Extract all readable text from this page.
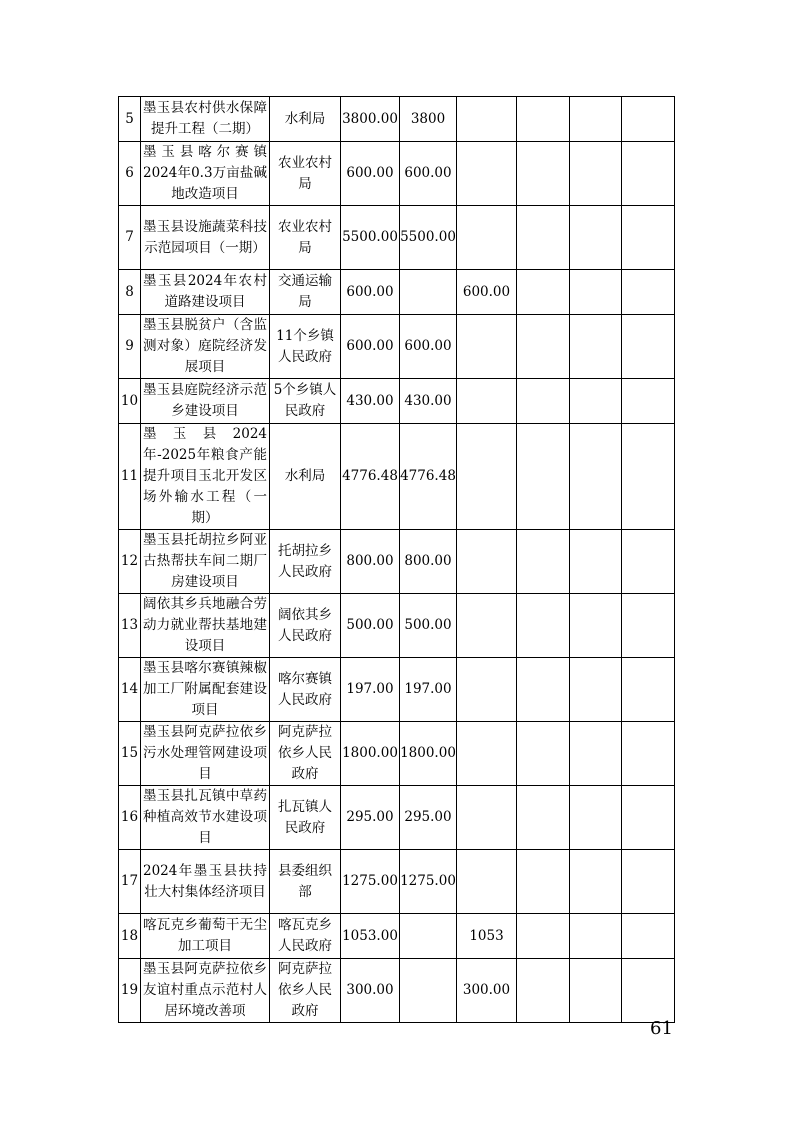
5	墨玉县农村供水保障提升工程（二期）	水利局	3800.00	3800				
6	墨玉县喀尔赛镇2024年0.3万亩盐碱地改造项目	农业农村局	600.00	600.00				
7	墨玉县设施蔬菜科技示范园项目（一期）	农业农村局	5500.00	5500.00				
8	墨玉县2024年农村道路建设项目	交通运输局	600.00		600.00			
9	墨玉县脱贫户（含监测对象）庭院经济发展项目	11个乡镇人民政府	600.00	600.00				
10	墨玉县庭院经济示范乡建设项目	5个乡镇人民政府	430.00	430.00				
11	墨玉县2024年-2025年粮食产能提升项目玉北开发区场外输水工程（一期）	水利局	4776.48	4776.48				
12	墨玉县托胡拉乡阿亚古热帮扶车间二期厂房建设项目	托胡拉乡人民政府	800.00	800.00				
13	阔依其乡兵地融合劳动力就业帮扶基地建设项目	阔依其乡人民政府	500.00	500.00				
14	墨玉县喀尔赛镇辣椒加工厂附属配套建设项目	喀尔赛镇人民政府	197.00	197.00				
15	墨玉县阿克萨拉依乡污水处理管网建设项目	阿克萨拉依乡人民政府	1800.00	1800.00				
16	墨玉县扎瓦镇中草药种植高效节水建设项目	扎瓦镇人民政府	295.00	295.00				
17	2024年墨玉县扶持壮大村集体经济项目	县委组织部	1275.00	1275.00				
18	喀瓦克乡葡萄干无尘加工项目	喀瓦克乡人民政府	1053.00		1053			
19	墨玉县阿克萨拉依乡友谊村重点示范村人居环境改善项	阿克萨拉依乡人民政府	300.00		300.00			
61
